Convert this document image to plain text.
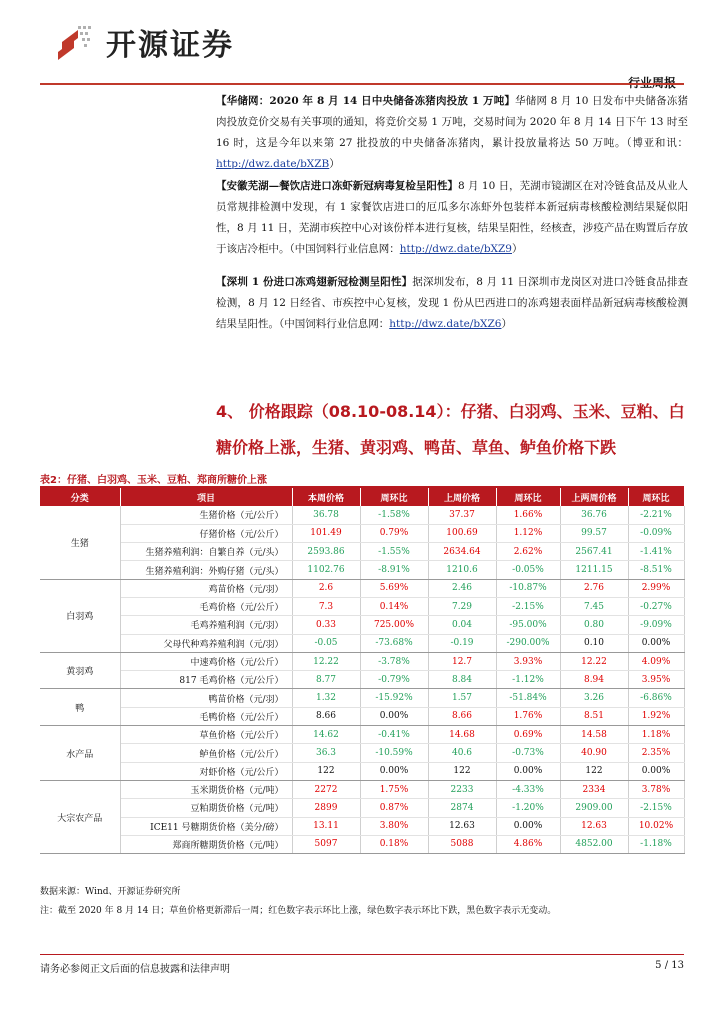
开源证券
【华储网：2020 年 8 月 14 日中央储备冻猪肉投放 1 万吨】华储网 8 月 10 日发布中央储备冻猪肉投放竞价交易有关事项的通知，将竞价交易 1 万吨，交易时间为 2020 年 8 月 14 日下午 13 时至 16 时，这是今年以来第 27 批投放的中央储备冻猪肉，累计投放量将达 50 万吨。（博亚和讯：http://dwz.date/bXZB）
【安徽芜湖—餐饮店进口冻虾新冠病毒复检呈阳性】8 月 10 日，芜湖市镜湖区在对冷链食品及从业人员常规排检测中发现，有 1 家餐饮店进口的厄瓜多尔冻虾外包装样本新冠病毒核酸检测结果疑似阳性，8 月 11 日，芜湖市疾控中心对该份样本进行复核，结果呈阳性，经核查，涉疫产品在购置后存放于该店冷柜中。（中国饲料行业信息网：http://dwz.date/bXZ9）
【深圳 1 份进口冻鸡翅新冠检测呈阳性】据深圳发布，8 月 11 日深圳市龙岗区对进口冷链食品排查检测，8 月 12 日经省、市疾控中心复核，发现 1 份从巴西进口的冻鸡翅表面样品新冠病毒核酸检测结果呈阳性。（中国饲料行业信息网：http://dwz.date/bXZ6）
4、 价格跟踪（08.10-08.14）：仔猪、白羽鸡、玉米、豆粕、白
糖价格上涨，生猪、黄羽鸡、鸭苗、草鱼、鲈鱼价格下跌
表2：仔猪、白羽鸡、玉米、豆粕、郑商所糖价上涨
分类	项目	本周价格	周环比	上周价格	周环比	上两周价格	周环比
生猪	生猪价格（元/公斤）	36.78	-1.58%	37.37	1.66%	36.76	-2.21%
	仔猪价格（元/公斤）	101.49	0.79%	100.69	1.12%	99.57	-0.09%
	生猪养殖利润：自繁自养（元/头）	2593.86	-1.55%	2634.64	2.62%	2567.41	-1.41%
	生猪养殖利润：外购仔猪（元/头）	1102.76	-8.91%	1210.6	-0.05%	1211.15	-8.51%
白羽鸡	鸡苗价格（元/羽）	2.6	5.69%	2.46	-10.87%	2.76	2.99%
	毛鸡价格（元/公斤）	7.3	0.14%	7.29	-2.15%	7.45	-0.27%
	毛鸡养殖利润（元/羽）	0.33	725.00%	0.04	-95.00%	0.80	-9.09%
	父母代种鸡养殖利润（元/羽）	-0.05	-73.68%	-0.19	-290.00%	0.10	0.00%
黄羽鸡	中速鸡价格（元/公斤）	12.22	-3.78%	12.7	3.93%	12.22	4.09%
	817 毛鸡价格（元/公斤）	8.77	-0.79%	8.84	-1.12%	8.94	3.95%
鸭	鸭苗价格（元/羽）	1.32	-15.92%	1.57	-51.84%	3.26	-6.86%
	毛鸭价格（元/公斤）	8.66	0.00%	8.66	1.76%	8.51	1.92%
水产品	草鱼价格（元/公斤）	14.62	-0.41%	14.68	0.69%	14.58	1.18%
	鲈鱼价格（元/公斤）	36.3	-10.59%	40.6	-0.73%	40.90	2.35%
	对虾价格（元/公斤）	122	0.00%	122	0.00%	122	0.00%
大宗农产品	玉米期货价格（元/吨）	2272	1.75%	2233	-4.33%	2334	3.78%
	豆粕期货价格（元/吨）	2899	0.87%	2874	-1.20%	2909.00	-2.15%
	ICE11 号糖期货价格（美分/磅）	13.11	3.80%	12.63	0.00%	12.63	10.02%
	郑商所糖期货价格（元/吨）	5097	0.18%	5088	4.86%	4852.00	-1.18%
数据来源：Wind、开源证券研究所
注：截至 2020 年 8 月 14 日；草鱼价格更新滞后一周；红色数字表示环比上涨，绿色数字表示环比下跌，黑色数字表示无变动。
请务必参阅正文后面的信息披露和法律声明	5 / 13
